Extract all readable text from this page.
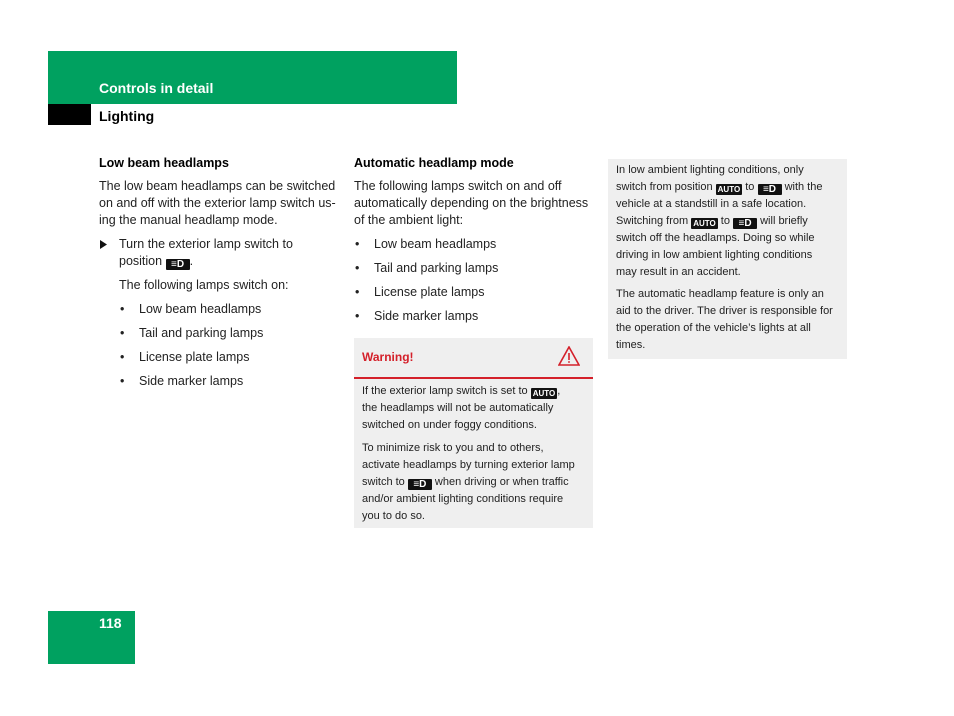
Controls in detail
Lighting
Low beam headlamps

The low beam headlamps can be switched

on and off with the exterior lamp switch us-

ing the manual headlamp mode.

Turn the exterior lamp switch to

position ≡D .

The following lamps switch on:

• Low beam headlamps
• Tail and parking lamps
• License plate lamps
• Side marker lamps
Automatic headlamp mode

The following lamps switch on and off

automatically depending on the brightness

of the ambient light:

• Low beam headlamps
• Tail and parking lamps
• License plate lamps
• Side marker lamps
Warning!

If the exterior lamp switch is set to AUTO ,
the headlamps will not be automatically
switched on under foggy conditions.

To minimize risk to you and to others,
activate headlamps by turning exterior lamp
switch to ≡D when driving or when traffic
and/or ambient lighting conditions require
you to do so.

In low ambient lighting conditions, only
switch from position AUTO to ≡D with the
vehicle at a standstill in a safe location.
Switching from AUTO to ≡D will briefly
switch off the headlamps. Doing so while
driving in low ambient lighting conditions
may result in an accident.

The automatic headlamp feature is only an
aid to the driver. The driver is responsible for
the operation of the vehicle’s lights at all
times.

118
